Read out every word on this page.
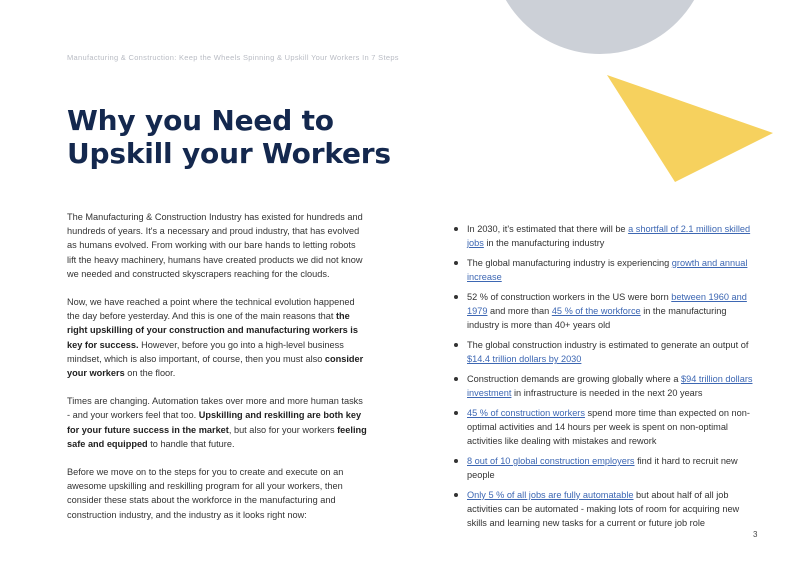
Manufacturing & Construction: Keep the Wheels Spinning & Upskill Your Workers In 7 Steps
Why you Need to
Upskill your Workers

The Manufacturing & Construction Industry has existed for hundreds and hundreds of years. It's a necessary and proud industry, that has evolved as humans evolved. From working with our bare hands to letting robots lift the heavy machinery, humans have created products we did not know we needed and constructed skyscrapers reaching for the clouds.

Now, we have reached a point where the technical evolution happened the day before yesterday. And this is one of the main reasons that the right upskilling of your construction and manufacturing workers is key for success. However, before you go into a high-level business mindset, which is also important, of course, then you must also consider your workers on the floor.

Times are changing. Automation takes over more and more human tasks - and your workers feel that too. Upskilling and reskilling are both key for your future success in the market, but also for your workers feeling safe and equipped to handle that future.

Before we move on to the steps for you to create and execute on an awesome upskilling and reskilling program for all your workers, then consider these stats about the workforce in the manufacturing and construction industry, and the industry as it looks right now:

In 2030, it's estimated that there will be a shortfall of 2.1 million skilled jobs in the manufacturing industry
The global manufacturing industry is experiencing growth and annual increase
52 % of construction workers in the US were born between 1960 and 1979 and more than 45 % of the workforce in the manufacturing industry is more than 40+ years old
The global construction industry is estimated to generate an output of $14.4 trillion dollars by 2030
Construction demands are growing globally where a $94 trillion dollars investment in infrastructure is needed in the next 20 years
45 % of construction workers spend more time than expected on non-optimal activities and 14 hours per week is spent on non-optimal activities like dealing with mistakes and rework
8 out of 10 global construction employers find it hard to recruit new people
Only 5 % of all jobs are fully automatable but about half of all job activities can be automated - making lots of room for acquiring new skills and learning new tasks for a current or future job role
3
